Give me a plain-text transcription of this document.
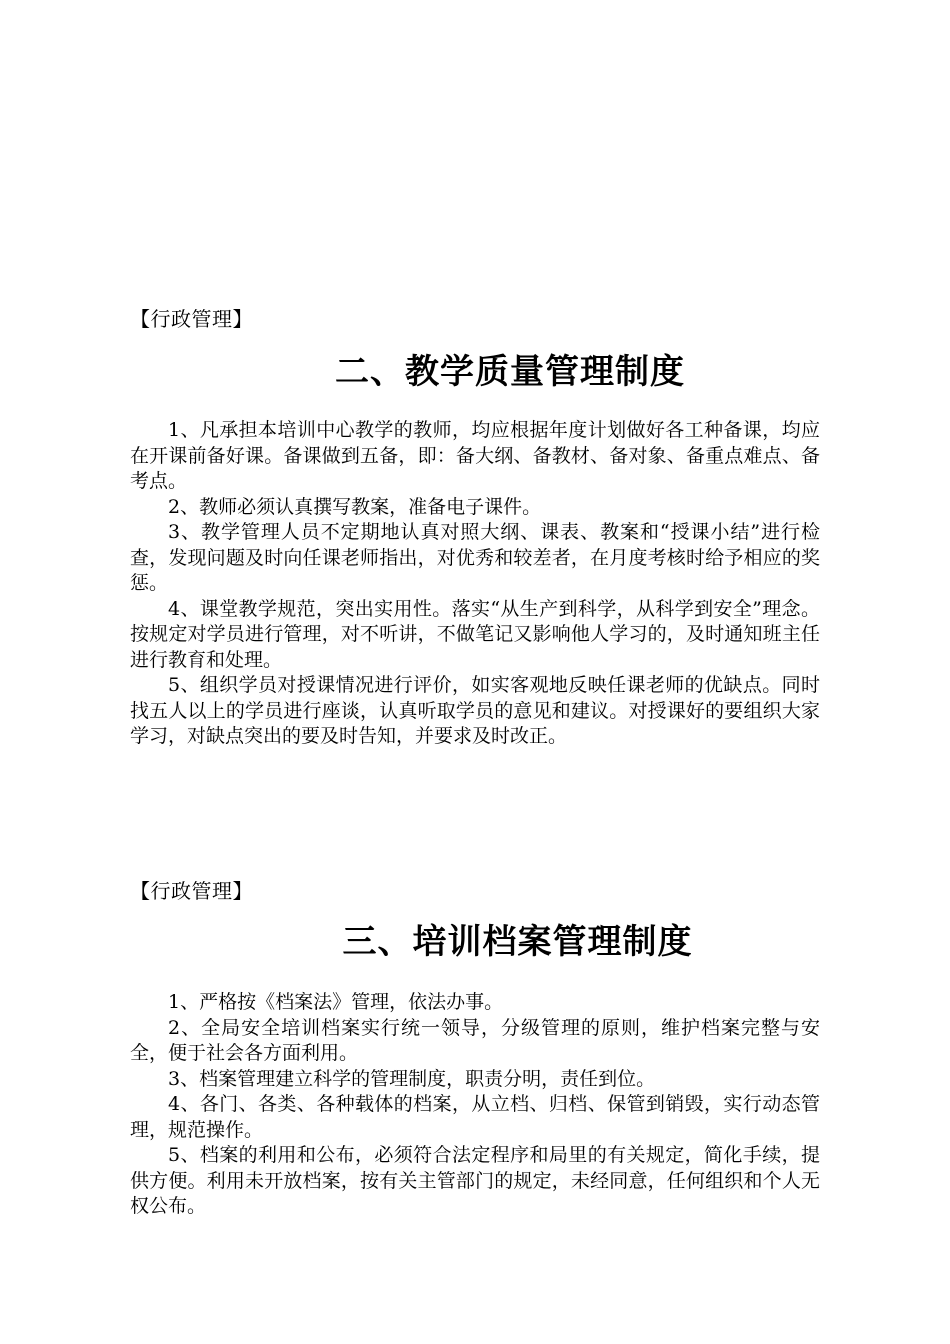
【行政管理】
二、教学质量管理制度

1、凡承担本培训中心教学的教师，均应根据年度计划做好各工种备课，均应在开课前备好课。备课做到五备，即：备大纲、备教材、备对象、备重点难点、备考点。

2、教师必须认真撰写教案，准备电子课件。

3、教学管理人员不定期地认真对照大纲、课表、教案和“授课小结”进行检查，发现问题及时向任课老师指出，对优秀和较差者，在月度考核时给予相应的奖惩。

4、课堂教学规范，突出实用性。落实“从生产到科学，从科学到安全”理念。按规定对学员进行管理，对不听讲，不做笔记又影响他人学习的，及时通知班主任进行教育和处理。

5、组织学员对授课情况进行评价，如实客观地反映任课老师的优缺点。同时找五人以上的学员进行座谈，认真听取学员的意见和建议。对授课好的要组织大家学习，对缺点突出的要及时告知，并要求及时改正。

【行政管理】
三、培训档案管理制度

1、严格按《档案法》管理，依法办事。

2、全局安全培训档案实行统一领导，分级管理的原则，维护档案完整与安全，便于社会各方面利用。

3、档案管理建立科学的管理制度，职责分明，责任到位。

4、各门、各类、各种载体的档案，从立档、归档、保管到销毁，实行动态管理，规范操作。

5、档案的利用和公布，必须符合法定程序和局里的有关规定，简化手续，提供方便。利用未开放档案，按有关主管部门的规定，未经同意，任何组织和个人无权公布。
